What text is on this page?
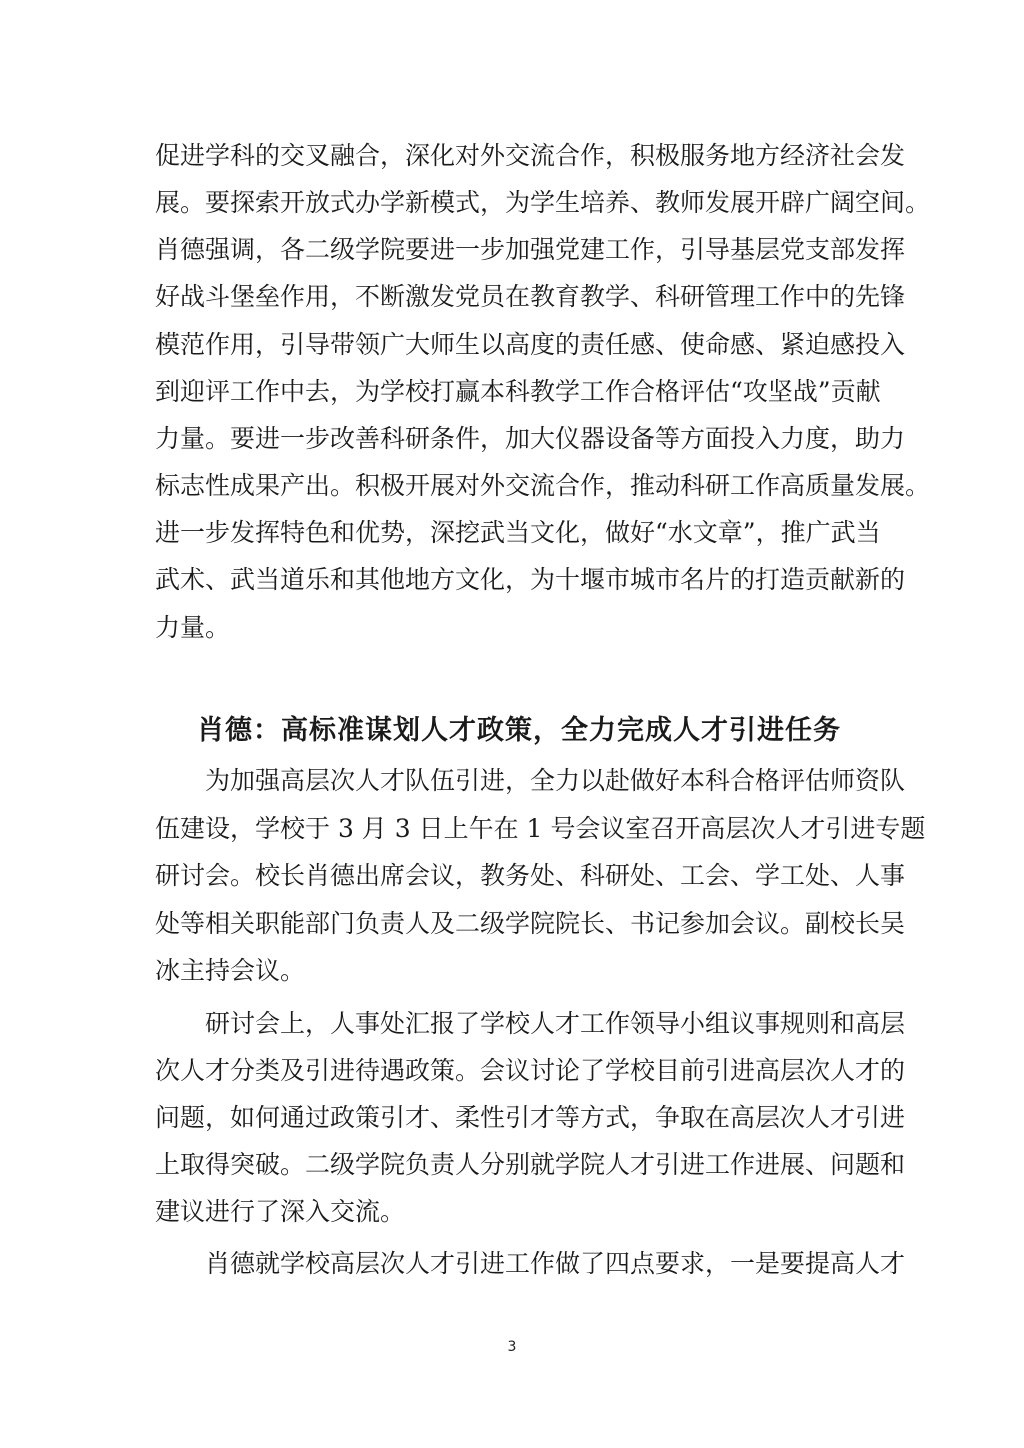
促进学科的交叉融合，深化对外交流合作，积极服务地方经济社会发
展。要探索开放式办学新模式，为学生培养、教师发展开辟广阔空间。
肖德强调，各二级学院要进一步加强党建工作，引导基层党支部发挥
好战斗堡垒作用，不断激发党员在教育教学、科研管理工作中的先锋
模范作用，引导带领广大师生以高度的责任感、使命感、紧迫感投入
到迎评工作中去，为学校打赢本科教学工作合格评估“攻坚战”贡献
力量。要进一步改善科研条件，加大仪器设备等方面投入力度，助力
标志性成果产出。积极开展对外交流合作，推动科研工作高质量发展。
进一步发挥特色和优势，深挖武当文化，做好“水文章”，推广武当
武术、武当道乐和其他地方文化，为十堰市城市名片的打造贡献新的
力量。
肖德：高标准谋划人才政策，全力完成人才引进任务
为加强高层次人才队伍引进，全力以赴做好本科合格评估师资队
伍建设，学校于 3 月 3 日上午在 1 号会议室召开高层次人才引进专题
研讨会。校长肖德出席会议，教务处、科研处、工会、学工处、人事
处等相关职能部门负责人及二级学院院长、书记参加会议。副校长吴
冰主持会议。
研讨会上，人事处汇报了学校人才工作领导小组议事规则和高层
次人才分类及引进待遇政策。会议讨论了学校目前引进高层次人才的
问题，如何通过政策引才、柔性引才等方式，争取在高层次人才引进
上取得突破。二级学院负责人分别就学院人才引进工作进展、问题和
建议进行了深入交流。
肖德就学校高层次人才引进工作做了四点要求，一是要提高人才
3
